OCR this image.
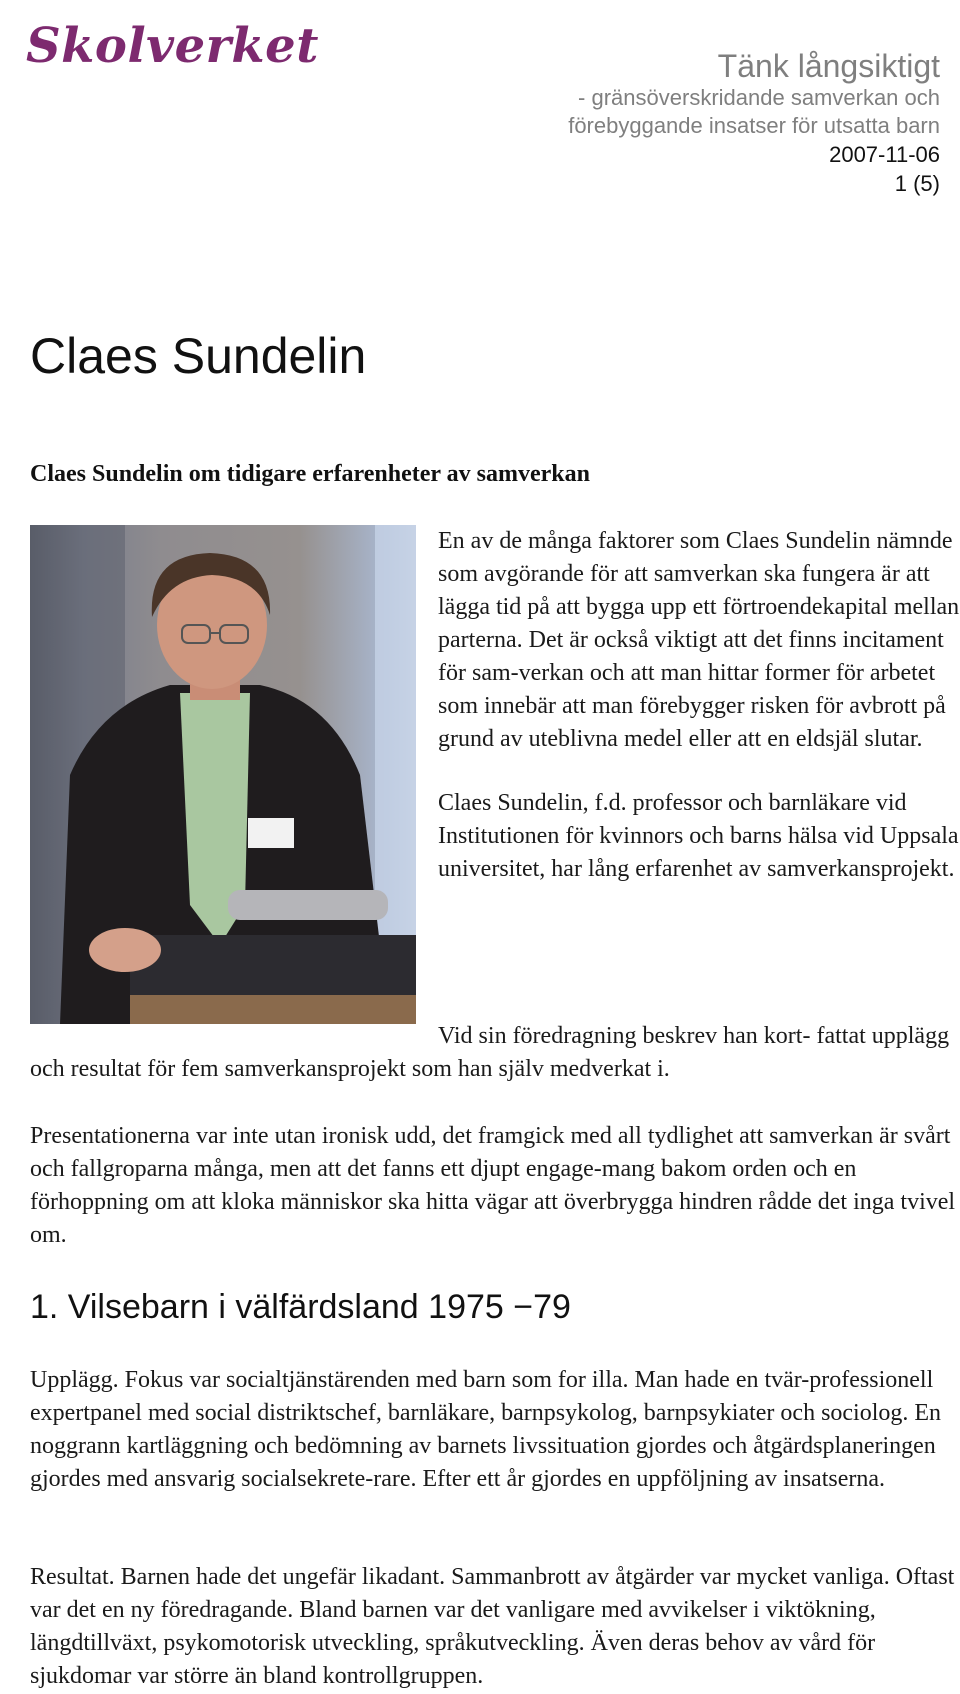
Skolverket	Tänk långsiktigt
- gränsöverskridande samverkan och
förebyggande insatser för utsatta barn
2007-11-06
1 (5)
Claes Sundelin
Claes Sundelin om tidigare erfarenheter av samverkan

En av de många faktorer som Claes Sundelin nämnde som avgörande för att samverkan ska fungera är att lägga tid på att bygga upp ett förtroendekapital mellan parterna. Det är också viktigt att det finns incitament för sam-verkan och att man hittar former för arbetet som innebär att man förebygger risken för avbrott på grund av uteblivna medel eller att en eldsjäl slutar.

Claes Sundelin, f.d. professor och barnläkare vid Institutionen för kvinnors och barns hälsa vid Uppsala universitet, har lång erfarenhet av samverkansprojekt.

Vid sin föredragning beskrev han kort- fattat upplägg och resultat för fem samverkansprojekt som han själv medverkat i.

Presentationerna var inte utan ironisk udd, det framgick med all tydlighet att samverkan är svårt och fallgroparna många, men att det fanns ett djupt engage-mang bakom orden och en förhoppning om att kloka människor ska hitta vägar att överbrygga hindren rådde det inga tvivel om.

1. Vilsebarn i välfärdsland 1975 −79

Upplägg. Fokus var socialtjänstärenden med barn som for illa. Man hade en tvär-professionell expertpanel med social distriktschef, barnläkare, barnpsykolog, barnpsykiater och sociolog. En noggrann kartläggning och bedömning av barnets livssituation gjordes och åtgärdsplaneringen gjordes med ansvarig socialsekrete-rare. Efter ett år gjordes en uppföljning av insatserna.

Resultat. Barnen hade det ungefär likadant. Sammanbrott av åtgärder var mycket vanliga. Oftast var det en ny föredragande. Bland barnen var det vanligare med avvikelser i viktökning, längdtillväxt, psykomotorisk utveckling, språkutveckling. Även deras behov av vård för sjukdomar var större än bland kontrollgruppen.
